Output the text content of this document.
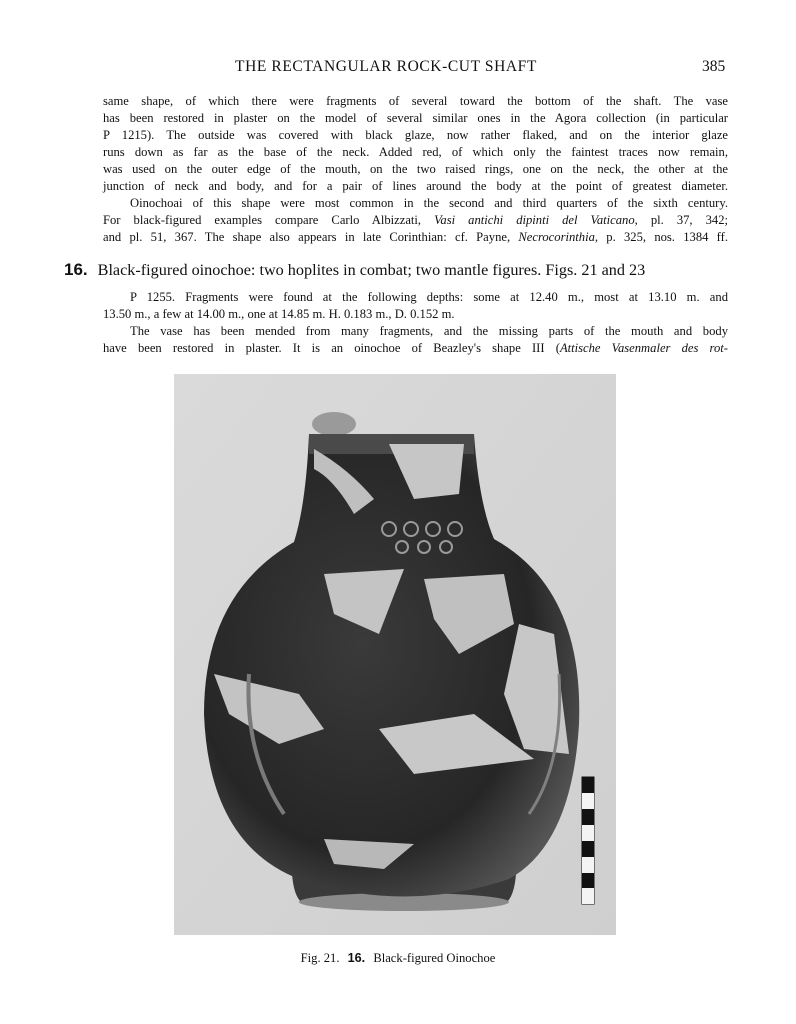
THE RECTANGULAR ROCK-CUT SHAFT	385
same shape, of which there were fragments of several toward the bottom of the shaft. The vase
has been restored in plaster on the model of several similar ones in the Agora collection (in particular
P 1215). The outside was covered with black glaze, now rather flaked, and on the interior glaze
runs down as far as the base of the neck. Added red, of which only the faintest traces now remain,
was used on the outer edge of the mouth, on the two raised rings, one on the neck, the other at the
junction of neck and body, and for a pair of lines around the body at the point of greatest diameter.
Oinochoai of this shape were most common in the second and third quarters of the sixth century.
For black-figured examples compare Carlo Albizzati, Vasi antichi dipinti del Vaticano, pl. 37, 342;
and pl. 51, 367. The shape also appears in late Corinthian: cf. Payne, Necrocorinthia, p. 325, nos. 1384 ff.
16. Black-figured oinochoe: two hoplites in combat; two mantle figures. Figs. 21 and 23
P 1255. Fragments were found at the following depths: some at 12.40 m., most at 13.10 m. and
13.50 m., a few at 14.00 m., one at 14.85 m. H. 0.183 m., D. 0.152 m.
The vase has been mended from many fragments, and the missing parts of the mouth and body
have been restored in plaster. It is an oinochoe of Beazley's shape III (Attische Vasenmaler des rot-
Fig. 21. 16. Black-figured Oinochoe
